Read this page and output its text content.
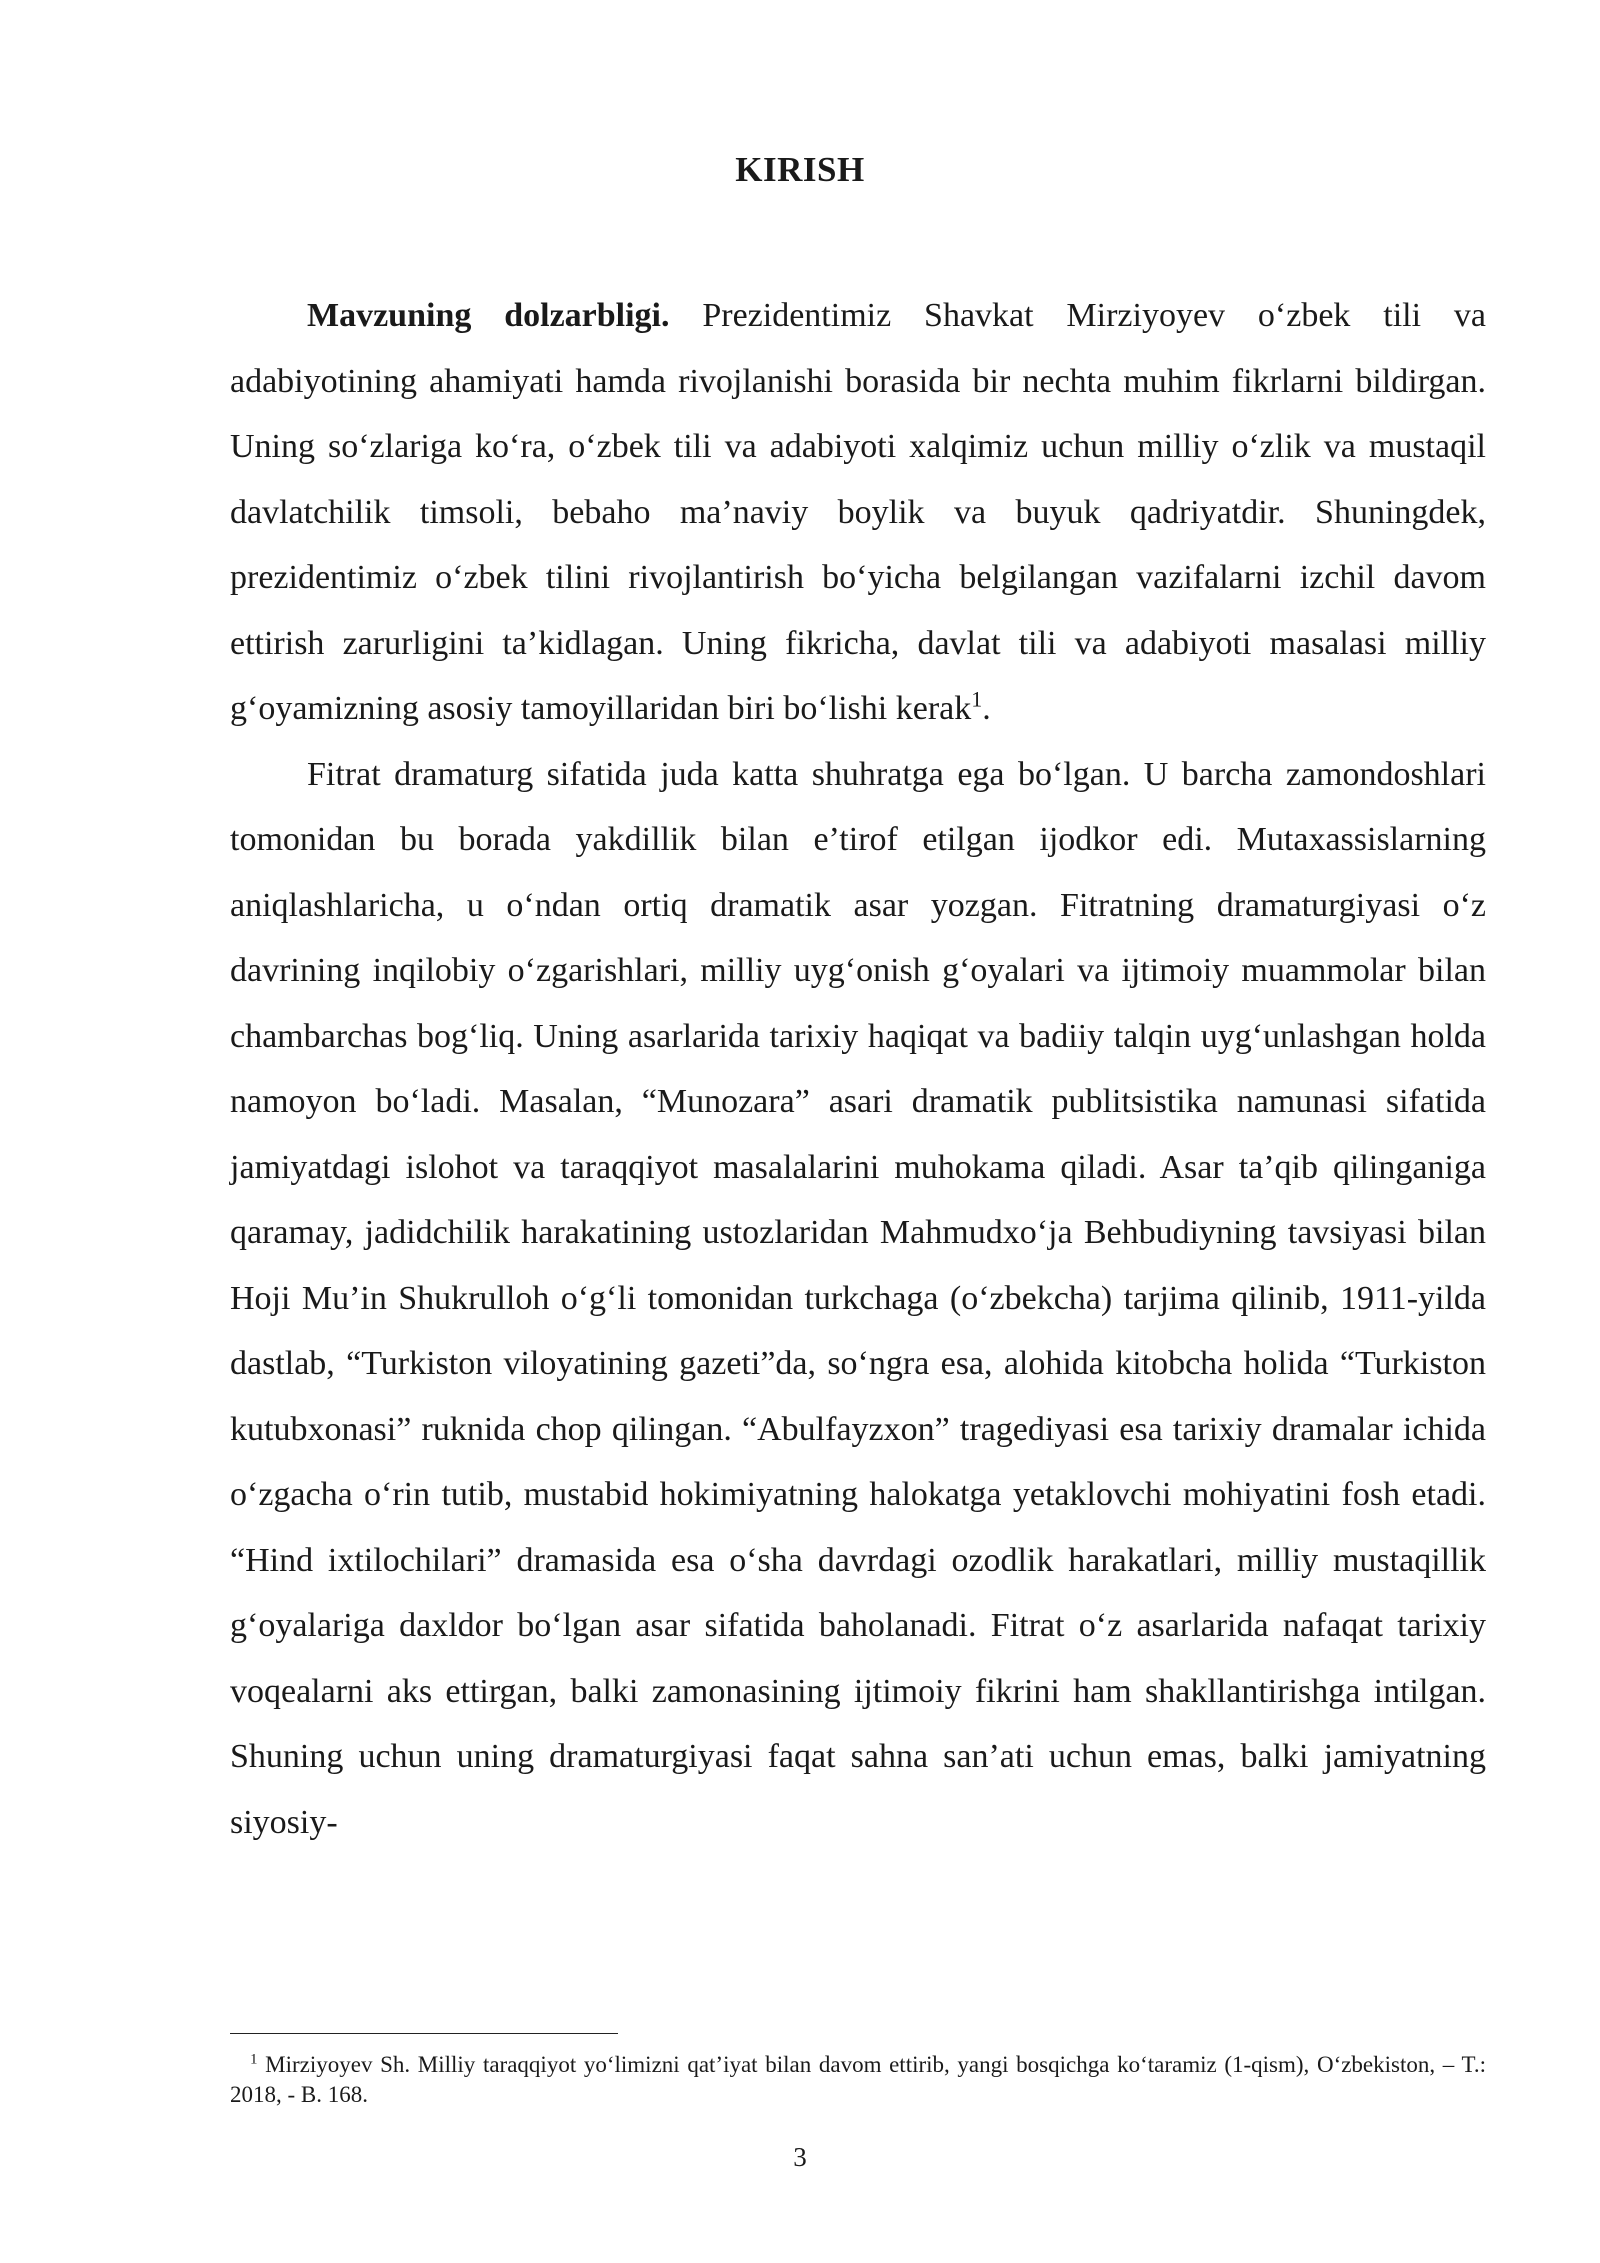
KIRISH

Mavzuning dolzarbligi. Prezidentimiz Shavkat Mirziyoyev o‘zbek tili va adabiyotining ahamiyati hamda rivojlanishi borasida bir nechta muhim fikrlarni bildirgan. Uning so‘zlariga ko‘ra, o‘zbek tili va adabiyoti xalqimiz uchun milliy o‘zlik va mustaqil davlatchilik timsoli, bebaho ma’naviy boylik va buyuk qadriyatdir. Shuningdek, prezidentimiz o‘zbek tilini rivojlantirish bo‘yicha belgilangan vazifalarni izchil davom ettirish zarurligini ta’kidlagan. Uning fikricha, davlat tili va adabiyoti masalasi milliy g‘oyamizning asosiy tamoyillaridan biri bo‘lishi kerak$^1$.

Fitrat dramaturg sifatida juda katta shuhratga ega bo‘lgan. U barcha zamondoshlari tomonidan bu borada yakdillik bilan e’tirof etilgan ijodkor edi. Mutaxassislarning aniqlashlaricha, u o‘ndan ortiq dramatik asar yozgan. Fitratning dramaturgiyasi o‘z davrining inqilobiy o‘zgarishlari, milliy uyg‘onish g‘oyalari va ijtimoiy muammolar bilan chambarchas bog‘liq. Uning asarlarida tarixiy haqiqat va badiiy talqin uyg‘unlashgan holda namoyon bo‘ladi. Masalan, “Munozara” asari dramatik publitsistika namunasi sifatida jamiyatdagi islohot va taraqqiyot masalalarini muhokama qiladi. Asar ta’qib qilinganiga qaramay, jadidchilik harakatining ustozlaridan Mahmudxo‘ja Behbudiyning tavsiyasi bilan Hoji Mu’in Shukrulloh o‘g‘li tomonidan turkchaga (o‘zbekcha) tarjima qilinib, 1911-yilda dastlab, “Turkiston viloyatining gazeti”da, so‘ngra esa, alohida kitobcha holida “Turkiston kutubxonasi” ruknida chop qilingan. “Abulfayzxon” tragediyasi esa tarixiy dramalar ichida o‘zgacha o‘rin tutib, mustabid hokimiyatning halokatga yetaklovchi mohiyatini fosh etadi. “Hind ixtilochilari” dramasida esa o‘sha davrdagi ozodlik harakatlari, milliy mustaqillik g‘oyalariga daxldor bo‘lgan asar sifatida baholanadi. Fitrat o‘z asarlarida nafaqat tarixiy voqealarni aks ettirgan, balki zamonasining ijtimoiy fikrini ham shakllantirishga intilgan. Shuning uchun uning dramaturgiyasi faqat sahna san’ati uchun emas, balki jamiyatning siyosiy-

$^1$ Mirziyoyev Sh. Milliy taraqqiyot yo‘limizni qat’iyat bilan davom ettirib, yangi bosqichga ko‘taramiz (1-qism), O‘zbekiston, – T.: 2018, - B. 168.

3
